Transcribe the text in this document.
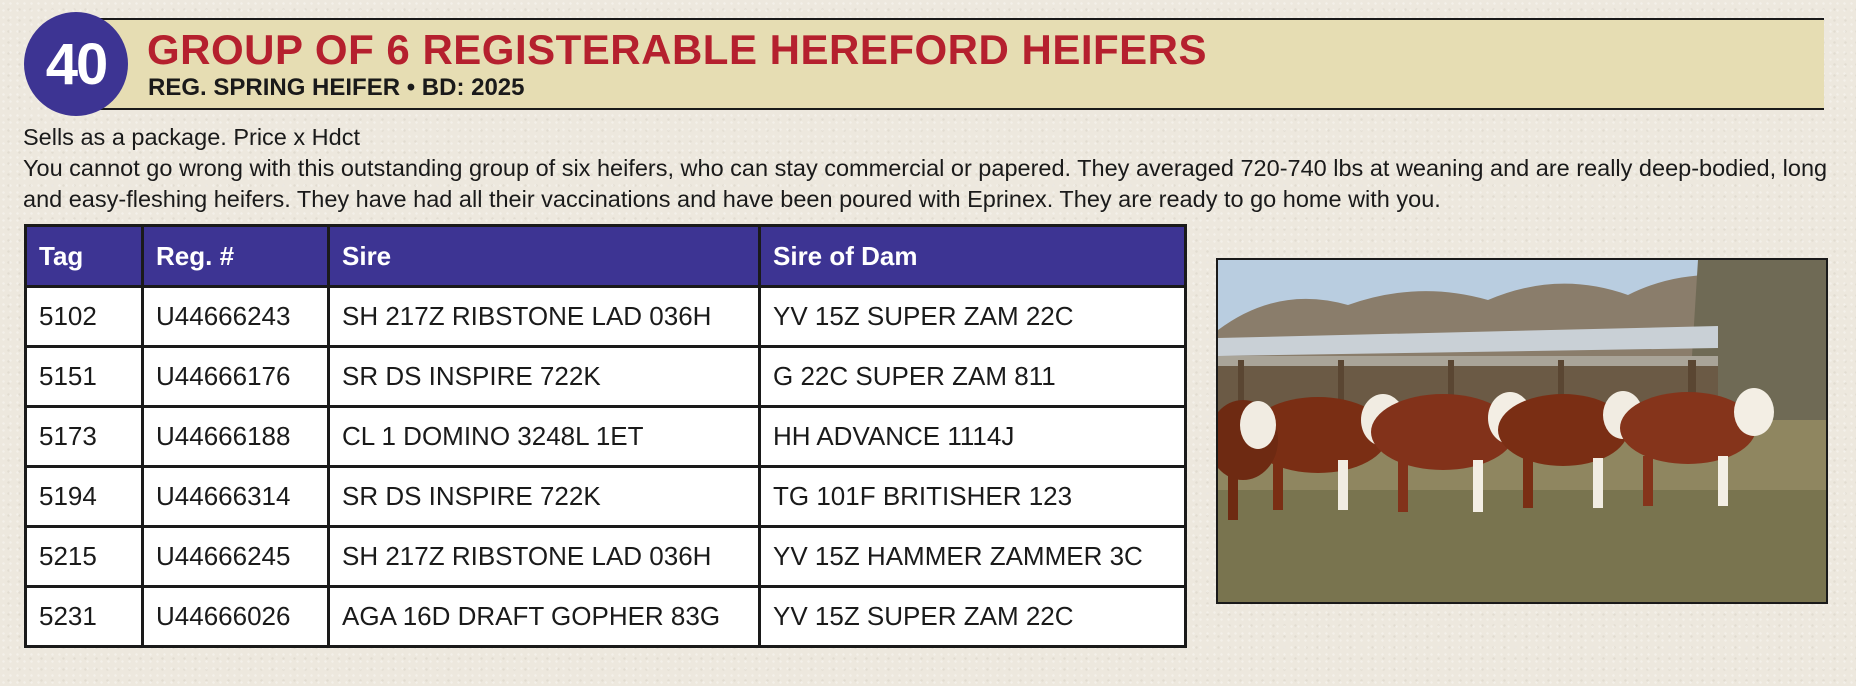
40 GROUP OF 6 REGISTERABLE HEREFORD HEIFERS
REG. SPRING HEIFER • BD: 2025

Sells as a package. Price x Hdct

You cannot go wrong with this outstanding group of six heifers, who can stay commercial or papered. They averaged 720-740 lbs at weaning and are really deep-bodied, long and easy-fleshing heifers. They have had all their vaccinations and have been poured with Eprinex. They are ready to go home with you.

Tag	Reg. #	Sire	Sire of Dam
5102	U44666243	SH 217Z RIBSTONE LAD 036H	YV 15Z SUPER ZAM 22C
5151	U44666176	SR DS INSPIRE 722K	G 22C SUPER ZAM 811
5173	U44666188	CL 1 DOMINO 3248L 1ET	HH ADVANCE 1114J
5194	U44666314	SR DS INSPIRE 722K	TG 101F BRITISHER 123
5215	U44666245	SH 217Z RIBSTONE LAD 036H	YV 15Z HAMMER ZAMMER 3C
5231	U44666026	AGA 16D DRAFT GOPHER 83G	YV 15Z SUPER ZAM 22C
